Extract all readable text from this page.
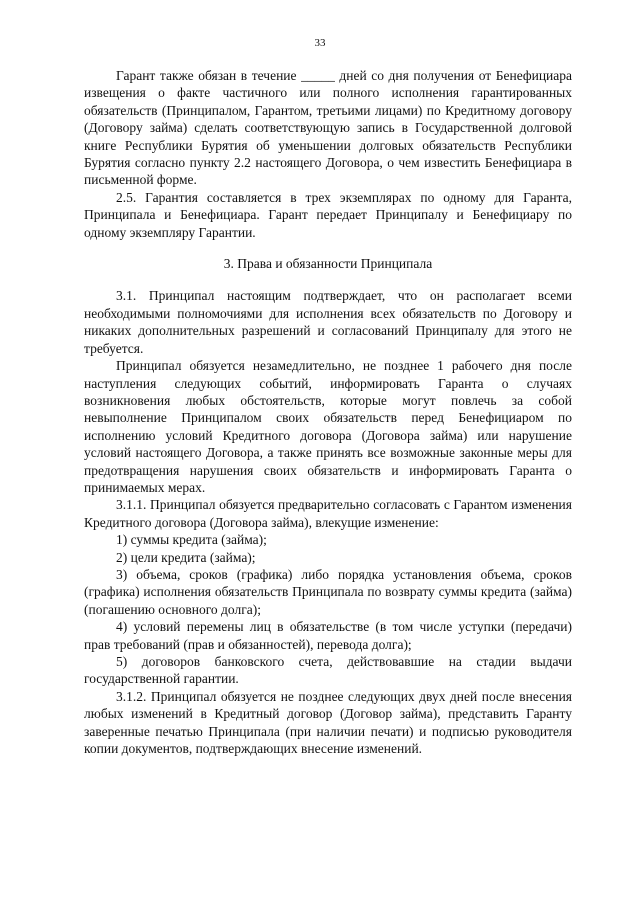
33

Гарант также обязан в течение _____ дней со дня получения от Бенефициара извещения о факте частичного или полного исполнения гарантированных обязательств (Принципалом, Гарантом, третьими лицами) по Кредитному договору (Договору займа) сделать соответствующую запись в Государственной долговой книге Республики Бурятия об уменьшении долговых обязательств Республики Бурятия согласно пункту 2.2 настоящего Договора, о чем известить Бенефициара в письменной форме.

2.5. Гарантия составляется в трех экземплярах по одному для Гаранта, Принципала и Бенефициара. Гарант передает Принципалу и Бенефициару по одному экземпляру Гарантии.

3. Права и обязанности Принципала

3.1. Принципал настоящим подтверждает, что он располагает всеми необходимыми полномочиями для исполнения всех обязательств по Договору и никаких дополнительных разрешений и согласований Принципалу для этого не требуется.

Принципал обязуется незамедлительно, не позднее 1 рабочего дня после наступления следующих событий, информировать Гаранта о случаях возникновения любых обстоятельств, которые могут повлечь за собой невыполнение Принципалом своих обязательств перед Бенефициаром по исполнению условий Кредитного договора (Договора займа) или нарушение условий настоящего Договора, а также принять все возможные законные меры для предотвращения нарушения своих обязательств и информировать Гаранта о принимаемых мерах.

3.1.1. Принципал обязуется предварительно согласовать с Гарантом изменения Кредитного договора (Договора займа), влекущие изменение:

1) суммы кредита (займа);

2) цели кредита (займа);

3) объема, сроков (графика) либо порядка установления объема, сроков (графика) исполнения обязательств Принципала по возврату суммы кредита (займа) (погашению основного долга);

4) условий перемены лиц в обязательстве (в том числе уступки (передачи) прав требований (прав и обязанностей), перевода долга);

5) договоров банковского счета, действовавшие на стадии выдачи государственной гарантии.

3.1.2. Принципал обязуется не позднее следующих двух дней после внесения любых изменений в Кредитный договор (Договор займа), представить Гаранту заверенные печатью Принципала (при наличии печати) и подписью руководителя копии документов, подтверждающих внесение изменений.
